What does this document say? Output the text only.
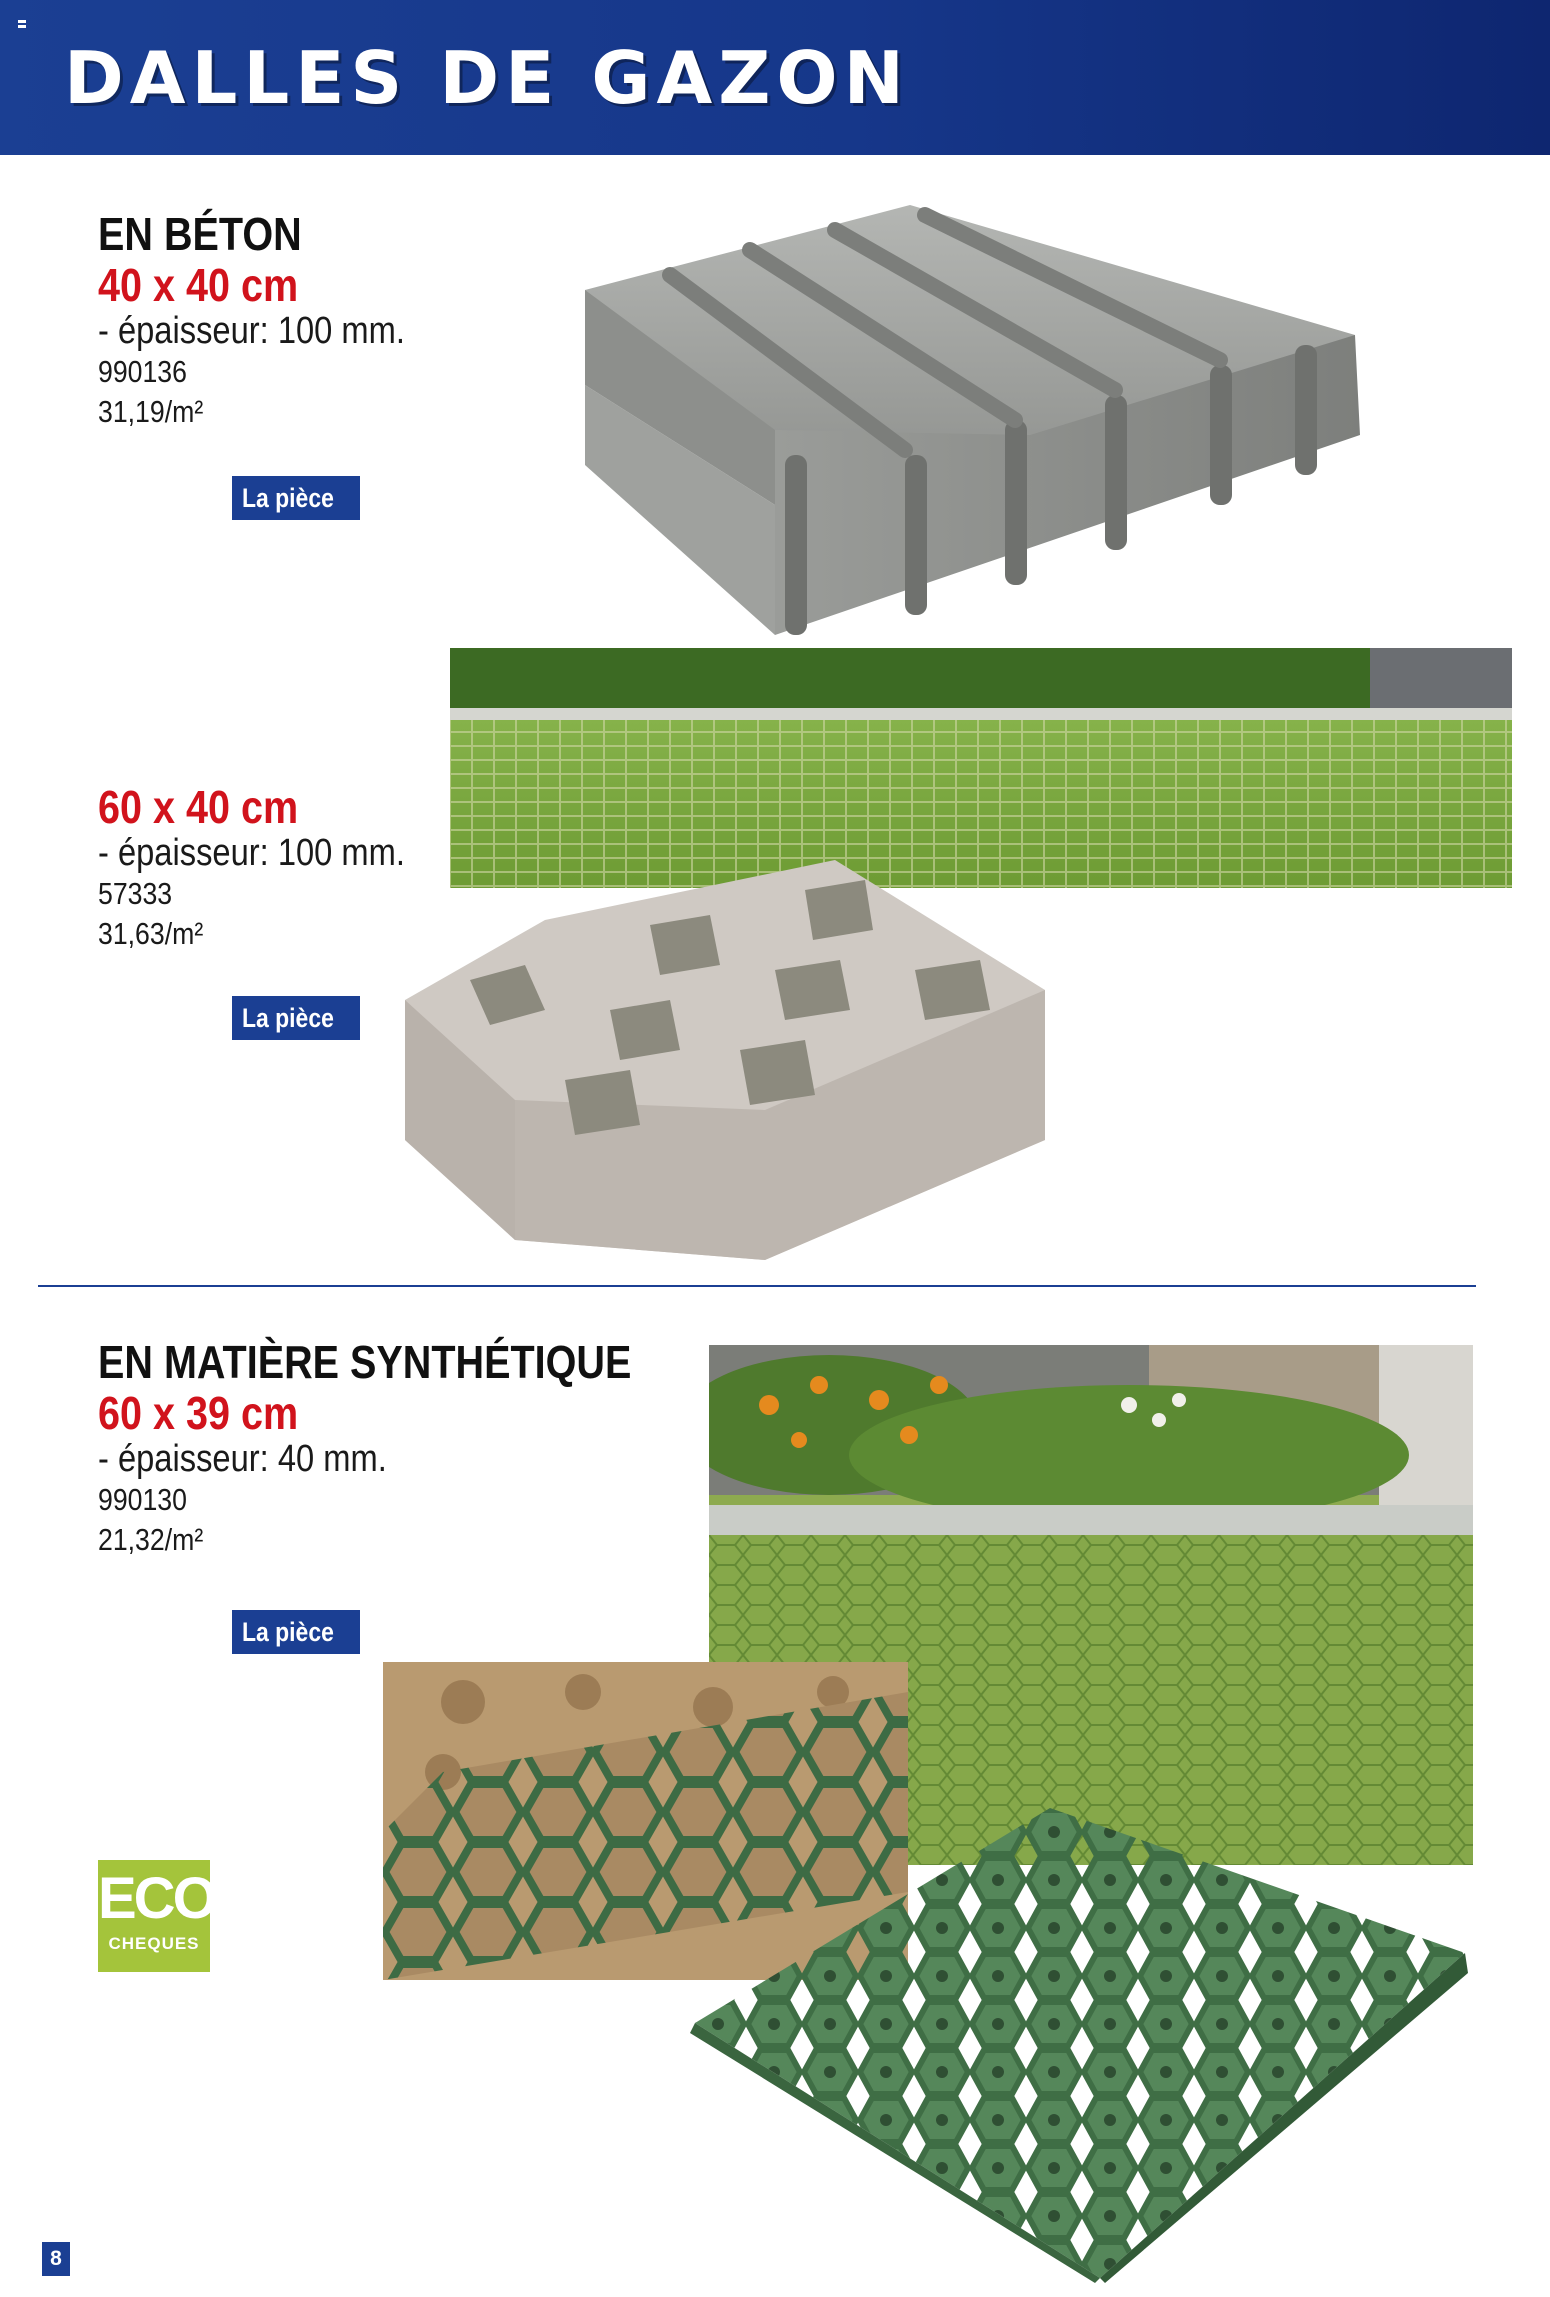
DALLES DE GAZON

EN BÉTON

40 x 40 cm

- épaisseur: 100 mm.

990136

31,19/m²

La pièce

60 x 40 cm

- épaisseur: 100 mm.

57333

31,63/m²

La pièce

EN MATIÈRE SYNTHÉTIQUE

60 x 39 cm

- épaisseur: 40 mm.

990130

21,32/m²

La pièce
ECO
CHEQUES
8
